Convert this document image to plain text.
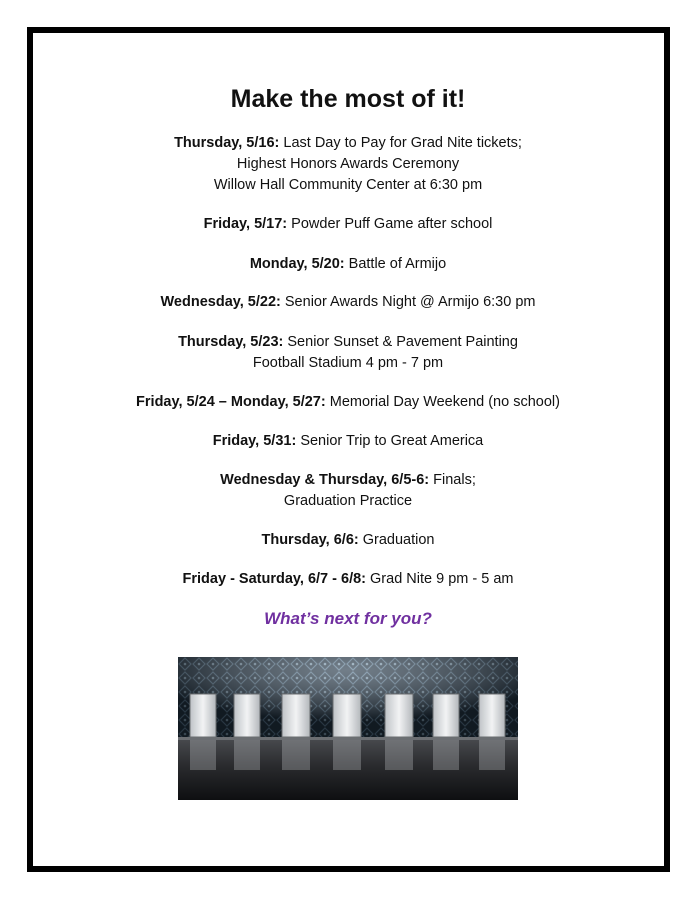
Make the most of it!
Thursday, 5/16: Last Day to Pay for Grad Nite tickets;
Highest Honors Awards Ceremony
Willow Hall Community Center at 6:30 pm
Friday, 5/17: Powder Puff Game after school
Monday, 5/20: Battle of Armijo
Wednesday, 5/22: Senior Awards Night @ Armijo 6:30 pm
Thursday, 5/23: Senior Sunset & Pavement Painting
Football Stadium 4 pm - 7 pm
Friday, 5/24 – Monday, 5/27: Memorial Day Weekend (no school)
Friday, 5/31: Senior Trip to Great America
Wednesday & Thursday, 6/5-6: Finals;
Graduation Practice
Thursday, 6/6: Graduation
Friday - Saturday, 6/7 - 6/8: Grad Nite 9 pm - 5 am
What’s next for you?
